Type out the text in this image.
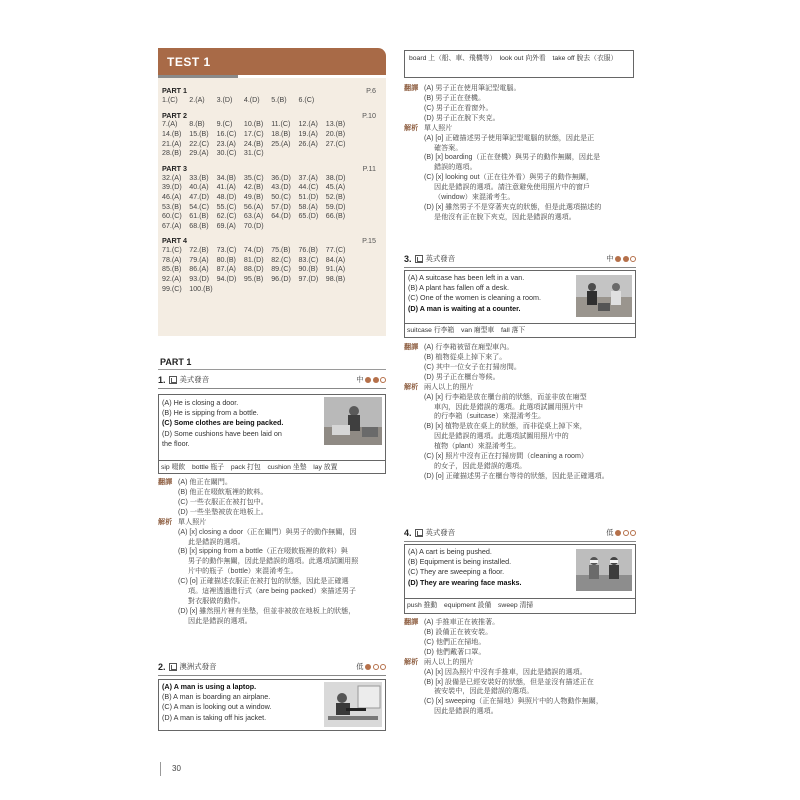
TEST 1
PART 1	P.6
1.(C)	2.(A)	3.(D)	4.(D)	5.(B)	6.(C)
PART 2	P.10
7.(A)	8.(B)	9.(C)	10.(B)	11.(C)	12.(A)	13.(B)
14.(B)	15.(B)	16.(C)	17.(C)	18.(B)	19.(A)	20.(B)
21.(A)	22.(C)	23.(A)	24.(B)	25.(A)	26.(A)	27.(C)
28.(B)	29.(A)	30.(C)	31.(C)
PART 3	P.11
32.(A)	33.(B)	34.(B)	35.(C)	36.(D)	37.(A)	38.(D)
39.(D)	40.(A)	41.(A)	42.(B)	43.(D)	44.(C)	45.(A)
46.(A)	47.(D)	48.(D)	49.(B)	50.(C)	51.(D)	52.(B)
53.(B)	54.(C)	55.(C)	56.(A)	57.(D)	58.(A)	59.(D)
60.(C)	61.(B)	62.(C)	63.(A)	64.(D)	65.(D)	66.(B)
67.(A)	68.(B)	69.(A)	70.(D)
PART 4	P.15
71.(C)	72.(B)	73.(C)	74.(D)	75.(B)	76.(B)	77.(C)
78.(A)	79.(A)	80.(B)	81.(D)	82.(C)	83.(C)	84.(A)
85.(B)	86.(A)	87.(A)	88.(D)	89.(C)	90.(B)	91.(A)
92.(A)	93.(D)	94.(D)	95.(B)	96.(D)	97.(D)	98.(B)
99.(C)	100.(B)
PART 1
1. 美式發音	中
(A) He is closing a door.
(B) He is sipping from a bottle.
(C) Some clothes are being packed.
(D) Some cushions have been laid on
the floor.
sip 啜飲　bottle 瓶子　pack 打包　cushion 坐墊　lay 放置
翻譯 (A) 他正在關門。
(B) 他正在啜飲瓶裡的飲料。
(C) 一些衣服正在被打包中。
(D) 一些坐墊被放在地板上。
解析 單人照片
(A) [x] closing a door（正在關門）與男子的動作無關，因
此是錯誤的選項。
(B) [x] sipping from a bottle（正在啜飲瓶裡的飲料）與
男子的動作無關，因此是錯誤的選項。此選項試圖用照
片中的瓶子（bottle）來混淆考生。
(C) [o] 正確描述衣服正在被打包的狀態，因此是正確選
項。這裡透過進行式（are being packed）來描述男子
對衣服做的動作。
(D) [x] 雖然照片裡有坐墊，但並非被放在地板上的狀態，
因此是錯誤的選項。
2. 澳洲式發音	低
(A) A man is using a laptop.
(B) A man is boarding an airplane.
(C) A man is looking out a window.
(D) A man is taking off his jacket.
30
board 上（船、車、飛機等）　look out 向外看　take off 脫去（衣服）
翻譯 (A) 男子正在使用筆記型電腦。
(B) 男子正在登機。
(C) 男子正在看窗外。
(D) 男子正在脫下夾克。
解析 單人照片
(A) [o] 正確描述男子使用筆記型電腦的狀態，因此是正
確答案。
(B) [x] boarding（正在登機）與男子的動作無關，因此是
錯誤的選項。
(C) [x] looking out（正在往外看）與男子的動作無關，
因此是錯誤的選項。請注意避免使用照片中的窗戶
（window）來混淆考生。
(D) [x] 雖然男子不是穿著夾克的狀態，但是此選項描述的
是他沒有正在脫下夾克，因此是錯誤的選項。
3. 英式發音	中
(A) A suitcase has been left in a van.
(B) A plant has fallen off a desk.
(C) One of the women is cleaning a room.
(D) A man is waiting at a counter.
suitcase 行李箱　van 廂型車　fall 落下
翻譯 (A) 行李箱被留在廂型車內。
(B) 植物從桌上掉下來了。
(C) 其中一位女子在打掃房間。
(D) 男子正在櫃台等候。
解析 兩人以上的照片
(A) [x] 行李箱是放在櫃台前的狀態，而並非放在廂型
車內，因此是錯誤的選項。此選項試圖用照片中
的行李箱（suitcase）來混淆考生。
(B) [x] 植物是放在桌上的狀態，而非從桌上掉下來，
因此是錯誤的選項。此選項試圖用照片中的
植物（plant）來混淆考生。
(C) [x] 照片中沒有正在打掃房間（cleaning a room）
的女子，因此是錯誤的選項。
(D) [o] 正確描述男子在櫃台等待的狀態，因此是正確選項。
4. 英式發音	低
(A) A cart is being pushed.
(B) Equipment is being installed.
(C) They are sweeping a floor.
(D) They are wearing face masks.
push 推動　equipment 設備　sweep 清掃
翻譯 (A) 手推車正在被推著。
(B) 設備正在被安裝。
(C) 他們正在掃地。
(D) 他們戴著口罩。
解析 兩人以上的照片
(A) [x] 因為照片中沒有手推車，因此是錯誤的選項。
(B) [x] 設備是已經安裝好的狀態，但是並沒有描述正在
被安裝中，因此是錯誤的選項。
(C) [x] sweeping（正在掃地）與照片中的人物動作無關，
因此是錯誤的選項。
